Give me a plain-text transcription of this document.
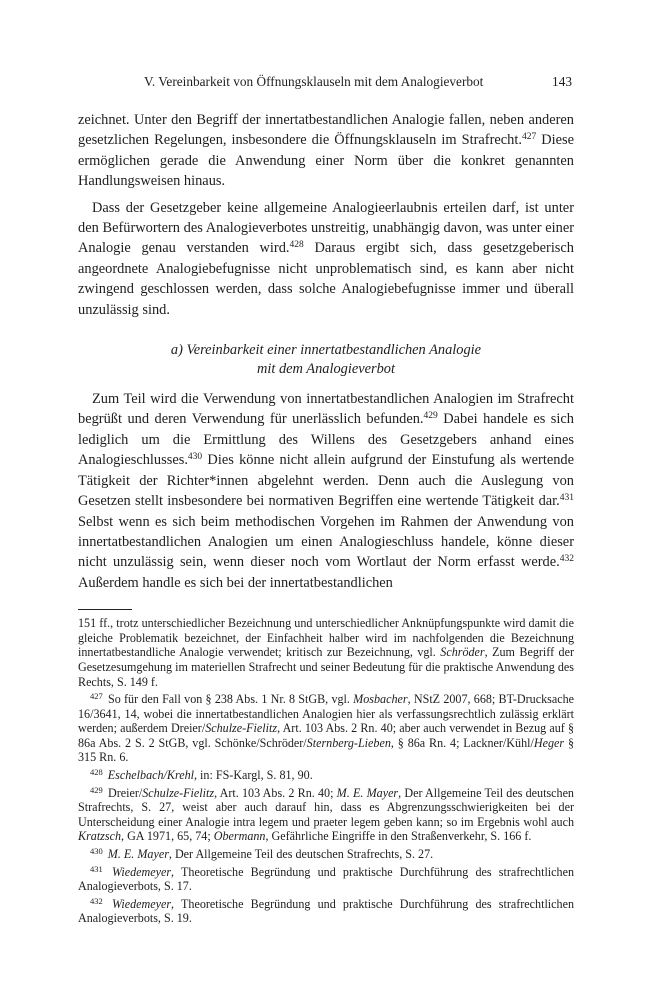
V. Vereinbarkeit von Öffnungsklauseln mit dem Analogieverbot	143

zeichnet. Unter den Begriff der innertatbestandlichen Analogie fallen, neben anderen gesetzlichen Regelungen, insbesondere die Öffnungsklauseln im Strafrecht.$^{427}$ Diese ermöglichen gerade die Anwendung einer Norm über die konkret genannten Handlungsweisen hinaus.

Dass der Gesetzgeber keine allgemeine Analogieerlaubnis erteilen darf, ist unter den Befürwortern des Analogieverbotes unstreitig, unabhängig davon, was unter einer Analogie genau verstanden wird.$^{428}$ Daraus ergibt sich, dass gesetzgeberisch angeordnete Analogiebefugnisse nicht unproblematisch sind, es kann aber nicht zwingend geschlossen werden, dass solche Analogiebefugnisse immer und überall unzulässig sind.

a) Vereinbarkeit einer innertatbestandlichen Analogie
mit dem Analogieverbot

Zum Teil wird die Verwendung von innertatbestandlichen Analogien im Strafrecht begrüßt und deren Verwendung für unerlässlich befunden.$^{429}$ Dabei handele es sich lediglich um die Ermittlung des Willens des Gesetzgebers anhand eines Analogieschlusses.$^{430}$ Dies könne nicht allein aufgrund der Einstufung als wertende Tätigkeit der Richter*innen abgelehnt werden. Denn auch die Auslegung von Gesetzen stellt insbesondere bei normativen Begriffen eine wertende Tätigkeit dar.$^{431}$ Selbst wenn es sich beim methodischen Vorgehen im Rahmen der Anwendung von innertatbestandlichen Analogien um einen Analogieschluss handele, könne dieser nicht unzulässig sein, wenn dieser noch vom Wortlaut der Norm erfasst werde.$^{432}$ Außerdem handle es sich bei der innertatbestandlichen

151 ff., trotz unterschiedlicher Bezeichnung und unterschiedlicher Anknüpfungspunkte wird damit die gleiche Problematik bezeichnet, der Einfachheit halber wird im nachfolgenden die Bezeichnung innertatbestandliche Analogie verwendet; kritisch zur Bezeichnung, vgl. Schröder, Zum Begriff der Gesetzesumgehung im materiellen Strafrecht und seiner Bedeutung für die praktische Anwendung des Rechts, S. 149 f.

$^{427}$ So für den Fall von § 238 Abs. 1 Nr. 8 StGB, vgl. Mosbacher, NStZ 2007, 668; BT-Drucksache 16/3641, 14, wobei die innertatbestandlichen Analogien hier als verfassungsrechtlich zulässig erklärt werden; außerdem Dreier/Schulze-Fielitz, Art. 103 Abs. 2 Rn. 40; aber auch verwendet in Bezug auf § 86a Abs. 2 S. 2 StGB, vgl. Schönke/Schröder/Sternberg-Lieben, § 86a Rn. 4; Lackner/Kühl/Heger § 315 Rn. 6.

$^{428}$ Eschelbach/Krehl, in: FS-Kargl, S. 81, 90.

$^{429}$ Dreier/Schulze-Fielitz, Art. 103 Abs. 2 Rn. 40; M. E. Mayer, Der Allgemeine Teil des deutschen Strafrechts, S. 27, weist aber auch darauf hin, dass es Abgrenzungsschwierigkeiten bei der Unterscheidung einer Analogie intra legem und praeter legem geben kann; so im Ergebnis wohl auch Kratzsch, GA 1971, 65, 74; Obermann, Gefährliche Eingriffe in den Straßenverkehr, S. 166 f.

$^{430}$ M. E. Mayer, Der Allgemeine Teil des deutschen Strafrechts, S. 27.

$^{431}$ Wiedemeyer, Theoretische Begründung und praktische Durchführung des strafrechtlichen Analogieverbots, S. 17.

$^{432}$ Wiedemeyer, Theoretische Begründung und praktische Durchführung des strafrechtlichen Analogieverbots, S. 19.
